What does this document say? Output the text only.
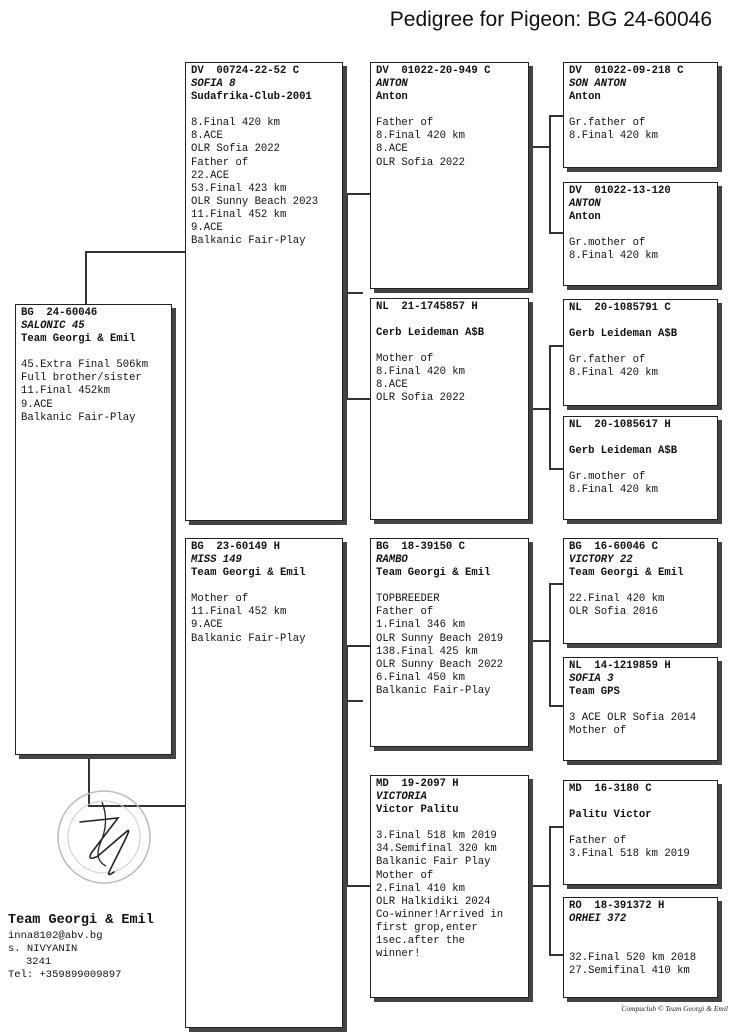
Pedigree for Pigeon: BG 24-60046
BG  24-60046
SALONIC 45
Team Georgi & Emil
45.Extra Final 506km
Full brother/sister
11.Final 452km
9.ACE
Balkanic Fair-Play
DV  00724-22-52 C
SOFIA 8
Sudafrika-Club-2001
8.Final 420 km
8.ACE
OLR Sofia 2022
Father of
22.ACE
53.Final 423 km
OLR Sunny Beach 2023
11.Final 452 km
9.ACE
Balkanic Fair-Play
BG  23-60149 H
MISS 149
Team Georgi & Emil
Mother of
11.Final 452 km
9.ACE
Balkanic Fair-Play
DV  01022-20-949 C
ANTON
Anton
Father of
8.Final 420 km
8.ACE
OLR Sofia 2022
NL  21-1745857 H
Cerb Leideman A$B
Mother of
8.Final 420 km
8.ACE
OLR Sofia 2022
BG  18-39150 C
RAMBO
Team Georgi & Emil
TOPBREEDER
Father of
1.Final 346 km
OLR Sunny Beach 2019
138.Final 425 km
OLR Sunny Beach 2022
6.Final 450 km
Balkanic Fair-Play
MD  19-2097 H
VICTORIA
Victor Palitu
3.Final 518 km 2019
34.Semifinal 320 km
Balkanic Fair Play
Mother of
2.Final 410 km
OLR Halkidiki 2024
Co-winner!Arrived in
first grop,enter
1sec.after the
winner!
DV  01022-09-218 C
SON ANTON
Anton
Gr.father of
8.Final 420 km
DV  01022-13-120
ANTON
Anton
Gr.mother of
8.Final 420 km
NL  20-1085791 C
Gerb Leideman A$B
Gr.father of
8.Final 420 km
NL  20-1085617 H
Gerb Leideman A$B
Gr.mother of
8.Final 420 km
BG  16-60046 C
VICTORY 22
Team Georgi & Emil
22.Final 420 km
OLR Sofia 2016
NL  14-1219859 H
SOFIA 3
Team GPS
3 ACE OLR Sofia 2014
Mother of
MD  16-3180 C
Palitu Victor
Father of
3.Final 518 km 2019
RO  18-391372 H
ORHEI 372
32.Final 520 km 2018
27.Semifinal 410 km
Team Georgi & Emil
inna8102@abv.bg
s. NIVYANIN
3241
Tel: +359899009897
Compuclub © Team Georgi & Emil
